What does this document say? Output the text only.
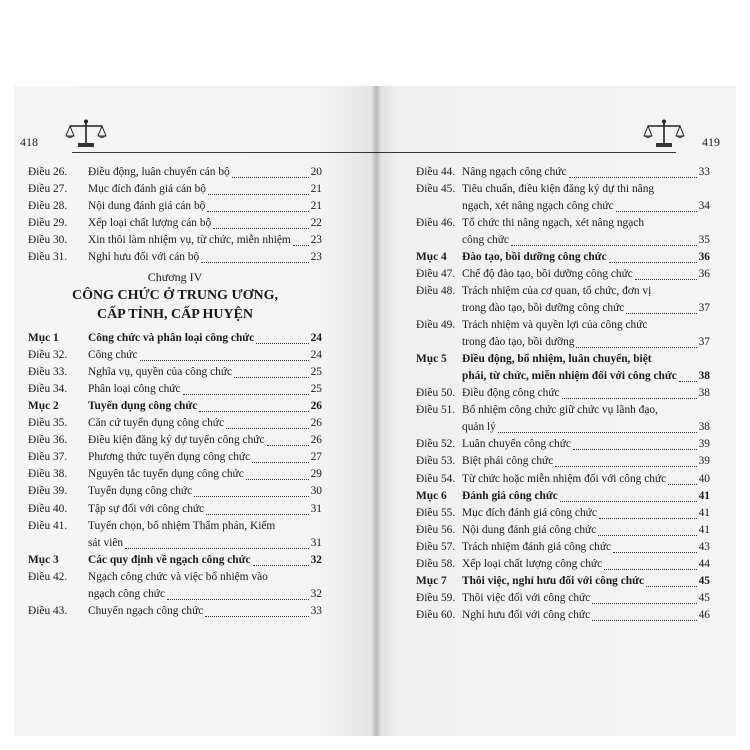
418
Điều 26. Điều động, luân chuyển cán bộ	20
Điều 27. Mục đích đánh giá cán bộ	21
Điều 28. Nội dung đánh giá cán bộ	21
Điều 29. Xếp loại chất lượng cán bộ	22
Điều 30. Xin thôi làm nhiệm vụ, từ chức, miễn nhiệm 23
Điều 31. Nghỉ hưu đối với cán bộ	23
Chương IV
CÔNG CHỨC Ở TRUNG ƯƠNG,
CẤP TỈNH, CẤP HUYỆN
Mục 1	Công chức và phân loại công chức	24
Điều 32. Công chức	24
Điều 33. Nghĩa vụ, quyền của công chức	25
Điều 34. Phân loại công chức	25
Mục 2	Tuyển dụng công chức	26
Điều 35. Căn cứ tuyển dụng công chức	26
Điều 36. Điều kiện đăng ký dự tuyển công chức	26
Điều 37. Phương thức tuyển dụng công chức	27
Điều 38. Nguyên tắc tuyển dụng công chức	29
Điều 39. Tuyển dụng công chức	30
Điều 40. Tập sự đối với công chức	31
Điều 41. Tuyển chọn, bổ nhiệm Thẩm phán, Kiểm
sát viên	31
Mục 3	Các quy định về ngạch công chức	32
Điều 42. Ngạch công chức và việc bổ nhiệm vào
ngạch công chức	32
Điều 43. Chuyển ngạch công chức	33
419
Điều 44. Nâng ngạch công chức	33
Điều 45. Tiêu chuẩn, điều kiện đăng ký dự thi nâng
ngạch, xét nâng ngạch công chức	34
Điều 46. Tổ chức thi nâng ngạch, xét nâng ngạch
công chức	35
Mục 4 Đào tạo, bồi dưỡng công chức	36
Điều 47. Chế độ đào tạo, bồi dưỡng công chức	36
Điều 48. Trách nhiệm của cơ quan, tổ chức, đơn vị
trong đào tạo, bồi dưỡng công chức	37
Điều 49. Trách nhiệm và quyền lợi của công chức
trong đào tạo, bồi dưỡng	37
Mục 5 Điều động, bổ nhiệm, luân chuyển, biệt
phái, từ chức, miễn nhiệm đối với công chức 38
Điều 50. Điều động công chức	38
Điều 51. Bổ nhiệm công chức giữ chức vụ lãnh đạo,
quản lý	38
Điều 52. Luân chuyển công chức	39
Điều 53. Biệt phái công chức	39
Điều 54. Từ chức hoặc miễn nhiệm đối với công chức	40
Mục 6 Đánh giá công chức	41
Điều 55. Mục đích đánh giá công chức	41
Điều 56. Nội dung đánh giá công chức	41
Điều 57. Trách nhiệm đánh giá công chức	43
Điều 58. Xếp loại chất lượng công chức	44
Mục 7 Thôi việc, nghỉ hưu đối với công chức	45
Điều 59. Thôi việc đối với công chức	45
Điều 60. Nghỉ hưu đối với công chức	46
